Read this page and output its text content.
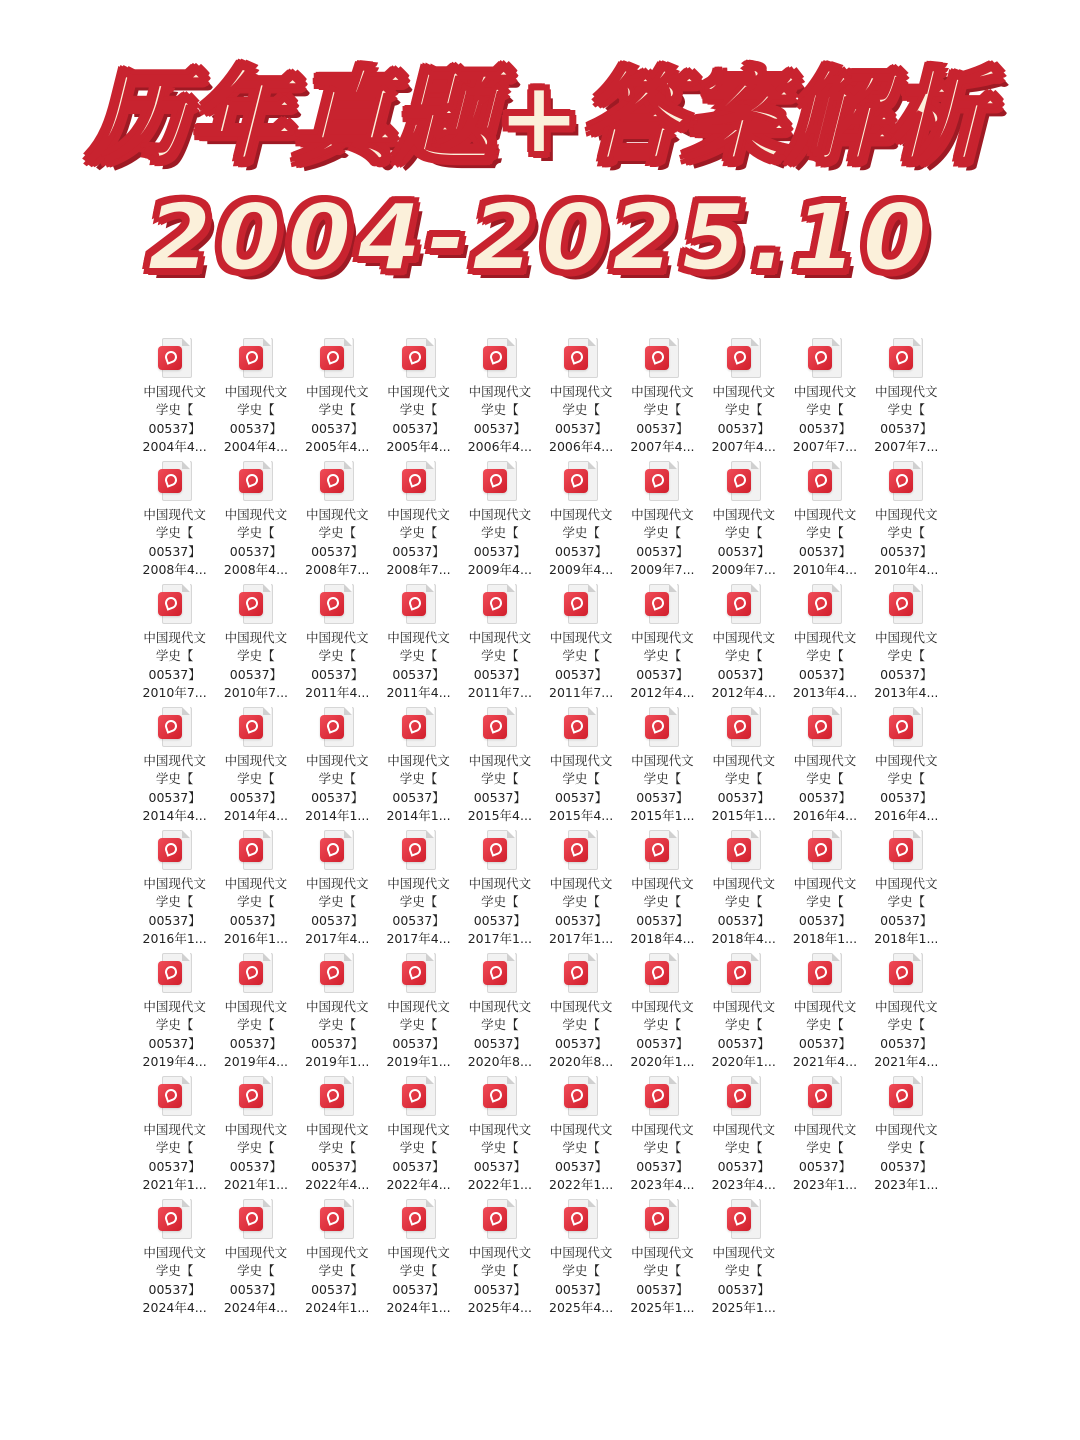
历年真题+答案解析
2004-2025.10
中国现代文
学史【
00537】
2004年4...
中国现代文
学史【
00537】
2004年4...
中国现代文
学史【
00537】
2005年4...
中国现代文
学史【
00537】
2005年4...
中国现代文
学史【
00537】
2006年4...
中国现代文
学史【
00537】
2006年4...
中国现代文
学史【
00537】
2007年4...
中国现代文
学史【
00537】
2007年4...
中国现代文
学史【
00537】
2007年7...
中国现代文
学史【
00537】
2007年7...
中国现代文
学史【
00537】
2008年4...
中国现代文
学史【
00537】
2008年4...
中国现代文
学史【
00537】
2008年7...
中国现代文
学史【
00537】
2008年7...
中国现代文
学史【
00537】
2009年4...
中国现代文
学史【
00537】
2009年4...
中国现代文
学史【
00537】
2009年7...
中国现代文
学史【
00537】
2009年7...
中国现代文
学史【
00537】
2010年4...
中国现代文
学史【
00537】
2010年4...
中国现代文
学史【
00537】
2010年7...
中国现代文
学史【
00537】
2010年7...
中国现代文
学史【
00537】
2011年4...
中国现代文
学史【
00537】
2011年4...
中国现代文
学史【
00537】
2011年7...
中国现代文
学史【
00537】
2011年7...
中国现代文
学史【
00537】
2012年4...
中国现代文
学史【
00537】
2012年4...
中国现代文
学史【
00537】
2013年4...
中国现代文
学史【
00537】
2013年4...
中国现代文
学史【
00537】
2014年4...
中国现代文
学史【
00537】
2014年4...
中国现代文
学史【
00537】
2014年1...
中国现代文
学史【
00537】
2014年1...
中国现代文
学史【
00537】
2015年4...
中国现代文
学史【
00537】
2015年4...
中国现代文
学史【
00537】
2015年1...
中国现代文
学史【
00537】
2015年1...
中国现代文
学史【
00537】
2016年4...
中国现代文
学史【
00537】
2016年4...
中国现代文
学史【
00537】
2016年1...
中国现代文
学史【
00537】
2016年1...
中国现代文
学史【
00537】
2017年4...
中国现代文
学史【
00537】
2017年4...
中国现代文
学史【
00537】
2017年1...
中国现代文
学史【
00537】
2017年1...
中国现代文
学史【
00537】
2018年4...
中国现代文
学史【
00537】
2018年4...
中国现代文
学史【
00537】
2018年1...
中国现代文
学史【
00537】
2018年1...
中国现代文
学史【
00537】
2019年4...
中国现代文
学史【
00537】
2019年4...
中国现代文
学史【
00537】
2019年1...
中国现代文
学史【
00537】
2019年1...
中国现代文
学史【
00537】
2020年8...
中国现代文
学史【
00537】
2020年8...
中国现代文
学史【
00537】
2020年1...
中国现代文
学史【
00537】
2020年1...
中国现代文
学史【
00537】
2021年4...
中国现代文
学史【
00537】
2021年4...
中国现代文
学史【
00537】
2021年1...
中国现代文
学史【
00537】
2021年1...
中国现代文
学史【
00537】
2022年4...
中国现代文
学史【
00537】
2022年4...
中国现代文
学史【
00537】
2022年1...
中国现代文
学史【
00537】
2022年1...
中国现代文
学史【
00537】
2023年4...
中国现代文
学史【
00537】
2023年4...
中国现代文
学史【
00537】
2023年1...
中国现代文
学史【
00537】
2023年1...
中国现代文
学史【
00537】
2024年4...
中国现代文
学史【
00537】
2024年4...
中国现代文
学史【
00537】
2024年1...
中国现代文
学史【
00537】
2024年1...
中国现代文
学史【
00537】
2025年4...
中国现代文
学史【
00537】
2025年4...
中国现代文
学史【
00537】
2025年1...
中国现代文
学史【
00537】
2025年1...
